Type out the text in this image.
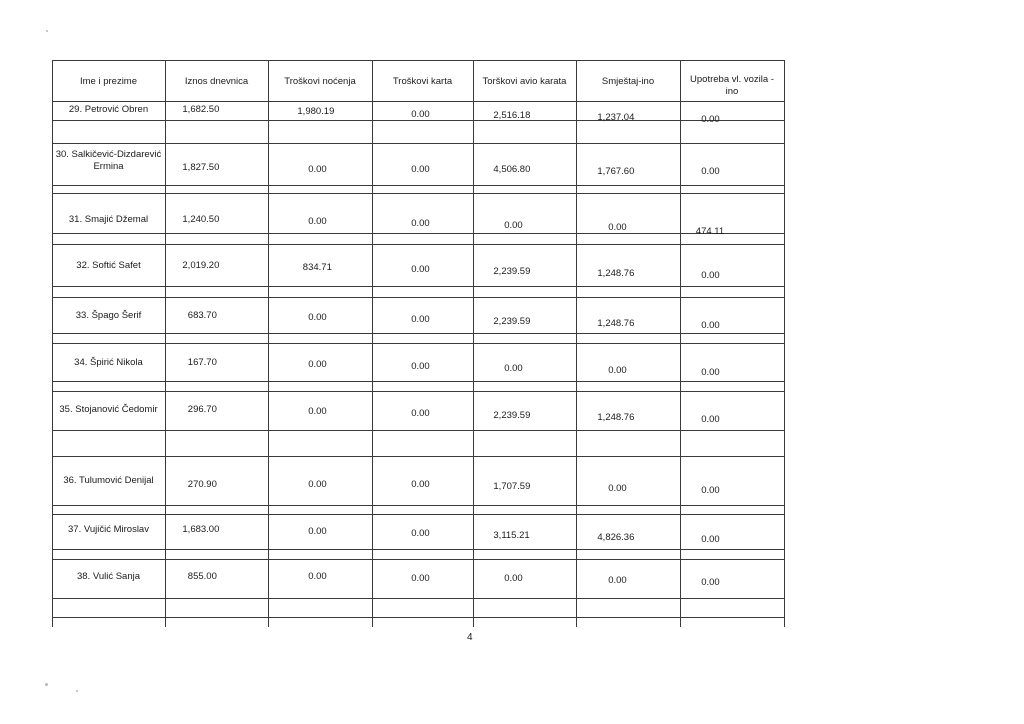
Ime i prezime	Iznos dnevnica	Troškovi noćenja	Troškovi karta	Torškovi avio karata	Smještaj-ino	Upotreba vl. vozila - ino
29. Petrović Obren	1,682.50	1,980.19	0.00	2,516.18	1,237.04	0.00
30. Salkičević-Dizdarević Ermina	1,827.50	0.00	0.00	4,506.80	1,767.60	0.00
31. Smajić Džemal	1,240.50	0.00	0.00	0.00	0.00	474.11
32. Softić Safet	2,019.20	834.71	0.00	2,239.59	1,248.76	0.00
33. Špago Šerif	683.70	0.00	0.00	2,239.59	1,248.76	0.00
34. Špirić Nikola	167.70	0.00	0.00	0.00	0.00	0.00
35. Stojanović Čedomir	296.70	0.00	0.00	2,239.59	1,248.76	0.00
36. Tulumović Denijal	270.90	0.00	0.00	1,707.59	0.00	0.00
37. Vujičić Miroslav	1,683.00	0.00	0.00	3,115.21	4,826.36	0.00
38. Vulić Sanja	855.00	0.00	0.00	0.00	0.00	0.00
4
